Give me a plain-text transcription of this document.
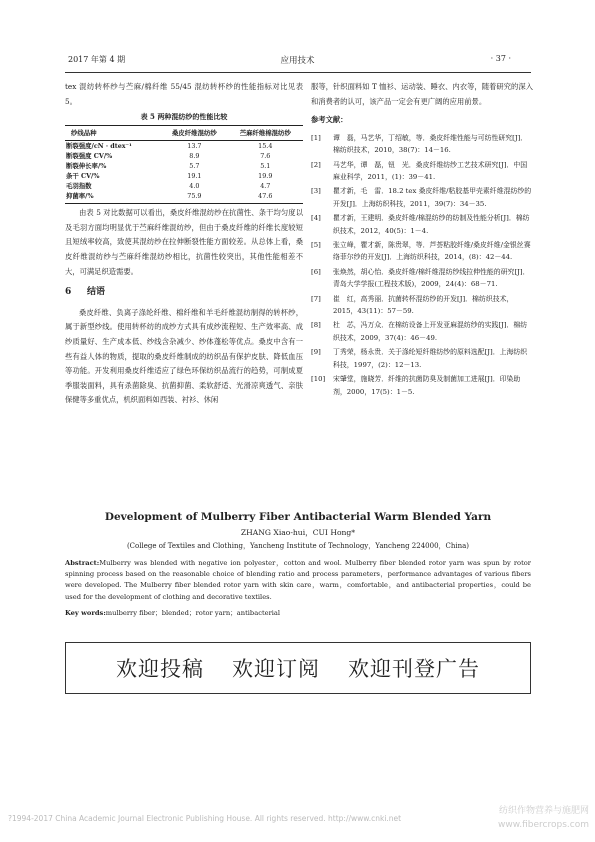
2017 年第 4 期	应用技术	· 37 ·

tex 混纺转杯纱与苎麻/棉纤维 55/45 混纺转杯纱的性能指标对比见表 5。

表 5 两种混纺纱的性能比较
纱线品种	桑皮纤维混纺纱	苎麻纤维棉混纺纱
断裂强度/cN · dtex⁻¹	13.7	15.4
断裂强度 CV/%	8.9	7.6
断裂伸长率/%	5.7	5.1
条干 CV/%	19.1	19.9
毛羽指数	4.0	4.7
抑菌率/%	75.9	47.6

由表 5 对比数据可以看出，桑皮纤维混纺纱在抗菌性、条干均匀度以及毛羽方面均明显优于苎麻纤维混纺纱，但由于桑皮纤维的纤维长度较短且短绒率较高，致使其混纺纱在拉伸断裂性能方面较差。从总体上看，桑皮纤维混纺纱与苎麻纤维混纺纱相比，抗菌性较突出，其他性能相差不大，可满足织造需要。

6 结语

桑皮纤维、负离子涤纶纤维、棉纤维和羊毛纤维混纺制得的转杯纱，属于新型纱线。使用转杯纺的成纱方式具有成纱流程短、生产效率高、成纱质量好、生产成本低、纱线含杂减少、纱体蓬松等优点。桑皮中含有一些有益人体的物质，提取的桑皮纤维制成的纺织品有保护皮肤、降低血压等功能。开发利用桑皮纤维适应了绿色环保纺织品流行的趋势，可制成夏季服装面料，具有杀菌除臭、抗菌抑菌、柔软舒适、光滑凉爽透气、亲肤保健等多重优点，机织面料如西装、衬衫、休闲

服等，针织面料如 T 恤衫、运动装、睡衣、内衣等，随着研究的深入和消费者的认可，该产品一定会有更广阔的应用前景。

参考文献：
[1]	谭　磊，马艺华，丁绍敏，等．桑皮纤维性能与可纺性研究[J]．棉纺织技术，2010，38(7)：14－16.
[2]	马艺华，谭　磊，钮　光．桑皮纤维纺纱工艺技术研究[J]．中国麻业科学，2011，(1)：39－41.
[3]	瞿才新，毛　雷．18.2 tex 桑皮纤维/粘胶基甲壳素纤维混纺纱的开发[J]．上海纺织科技，2011，39(7)：34－35.
[4]	瞿才新，王建明．桑皮纤维/棉混纺纱的纺制及性能分析[J]．棉纺织技术，2012，40(5)：1－4.
[5]	张立峰，瞿才新，陈贵翠，等．芦荟粘胶纤维/桑皮纤维/金银丝赛络菲尔纱的开发[J]．上海纺织科技，2014，(8)：42－44.
[6]	张焕然，胡心怡．桑皮纤维/棉纤维混纺纱线拉伸性能的研究[J]．青岛大学学报(工程技术版)，2009，24(4)：68－71.
[7]	崔　红，高秀丽．抗菌转杯混纺纱的开发[J]．棉纺织技术，2015，43(11)：57－59.
[8]	杜　芯，冯万众．在棉纺设备上开发亚麻混纺纱的实践[J]．棉纺织技术，2009，37(4)：46－49.
[9]	丁秀荣，杨永贵．关于涤纶短纤维纺纱的原料选配[J]．上海纺织科技，1997，(2)：12－13.
[10]	宋肇堂，施晓芳．纤维的抗菌防臭及制菌加工进展[J]．印染助剂，2000，17(5)：1－5.
Development of Mulberry Fiber Antibacterial Warm Blended Yarn
ZHANG Xiao-hui，CUI Hong*
(College of Textiles and Clothing，Yancheng Institute of Technology，Yancheng 224000，China)
Abstract:Mulberry was blended with negative ion polyester，cotton and wool. Mulberry fiber blended rotor yarn was spun by rotor spinning process based on the reasonable choice of blending ratio and process parameters，performance advantages of various fibers were developed. The Mulberry fiber blended rotor yarn with skin care，warm，comfortable，and antibacterial properties，could be used for the development of clothing and decorative textiles.
Key words:mulberry fiber；blended；rotor yarn；antibacterial
欢迎投稿 欢迎订阅 欢迎刊登广告
?1994-2017 China Academic Journal Electronic Publishing House. All rights reserved. http://www.cnki.net
纺织作物营养与施肥网
www.fibercrops.com
